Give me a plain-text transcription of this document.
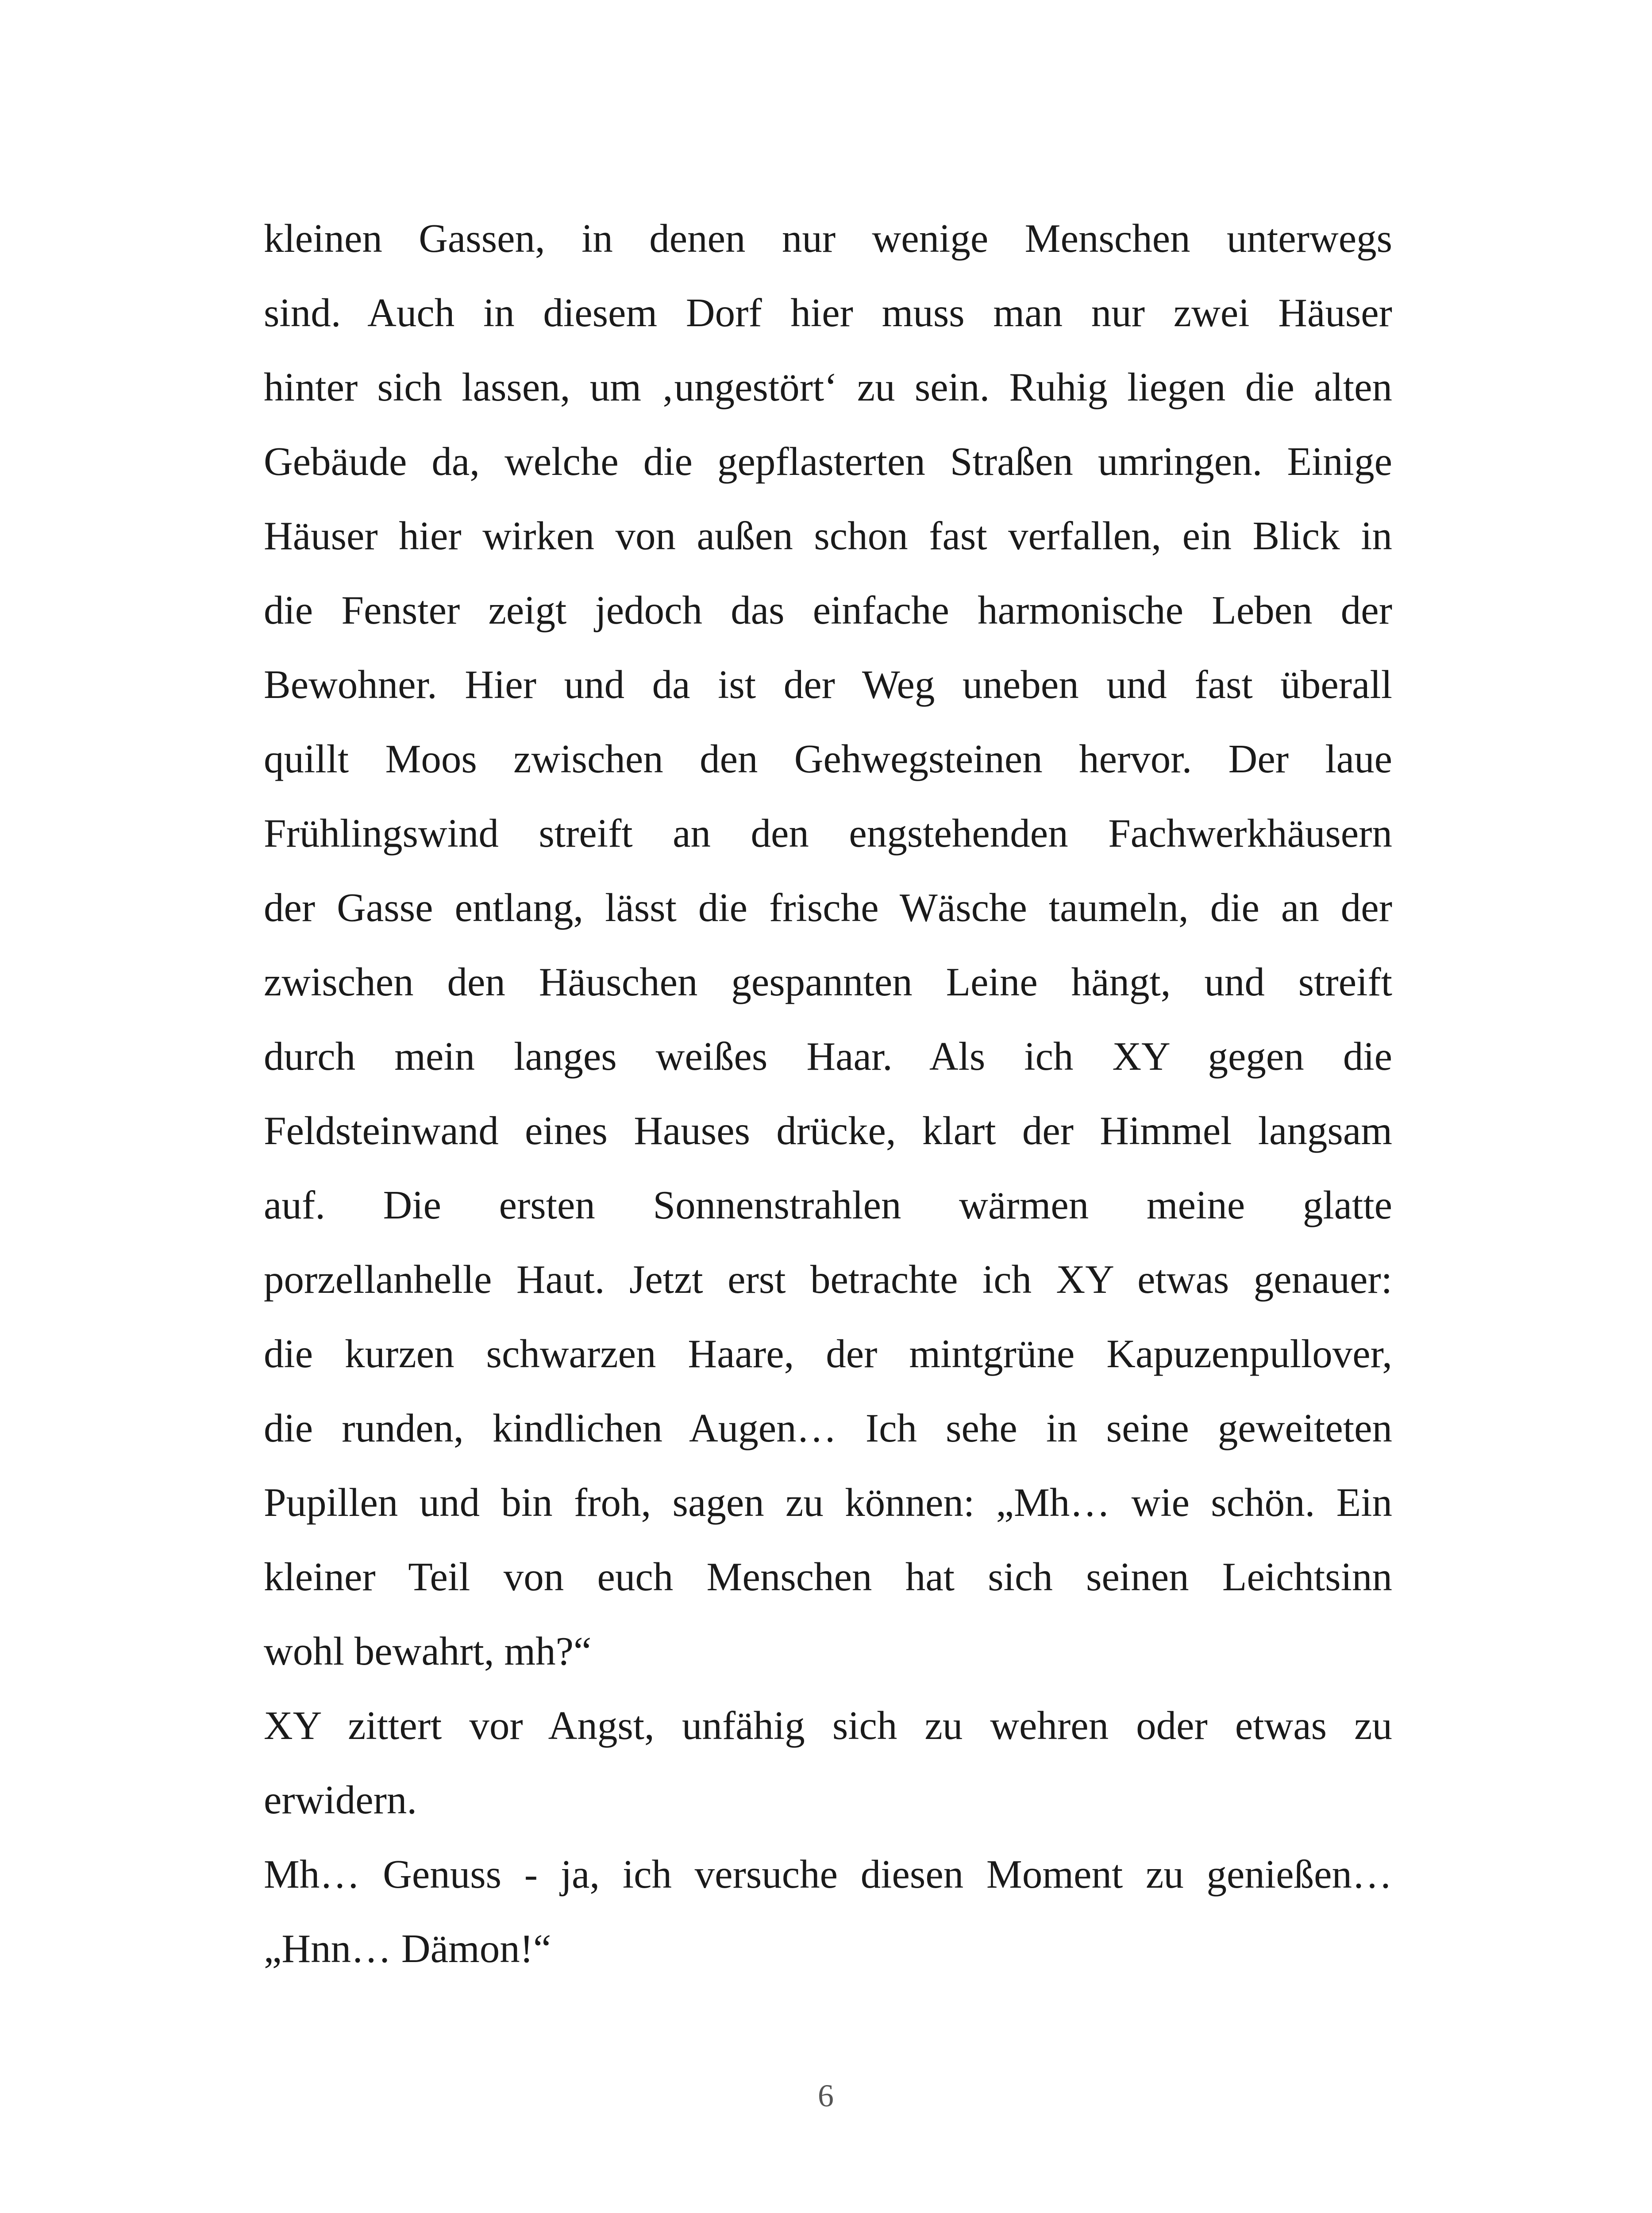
kleinen Gassen, in denen nur wenige Menschen unterwegs
sind. Auch in diesem Dorf hier muss man nur zwei Häuser
hinter sich lassen, um ‚ungestört‘ zu sein. Ruhig liegen die alten
Gebäude da, welche die gepflasterten Straßen umringen. Einige
Häuser hier wirken von außen schon fast verfallen, ein Blick in
die Fenster zeigt jedoch das einfache harmonische Leben der
Bewohner. Hier und da ist der Weg uneben und fast überall
quillt Moos zwischen den Gehwegsteinen hervor. Der laue
Frühlingswind streift an den engstehenden Fachwerkhäusern
der Gasse entlang, lässt die frische Wäsche taumeln, die an der
zwischen den Häuschen gespannten Leine hängt, und streift
durch mein langes weißes Haar. Als ich XY gegen die
Feldsteinwand eines Hauses drücke, klart der Himmel langsam
auf. Die ersten Sonnenstrahlen wärmen meine glatte
porzellanhelle Haut. Jetzt erst betrachte ich XY etwas genauer:
die kurzen schwarzen Haare, der mintgrüne Kapuzenpullover,
die runden, kindlichen Augen… Ich sehe in seine geweiteten
Pupillen und bin froh, sagen zu können: „Mh… wie schön. Ein
kleiner Teil von euch Menschen hat sich seinen Leichtsinn
wohl bewahrt, mh?“
XY zittert vor Angst, unfähig sich zu wehren oder etwas zu
erwidern.
Mh… Genuss - ja, ich versuche diesen Moment zu genießen…
„Hnn… Dämon!“
6
